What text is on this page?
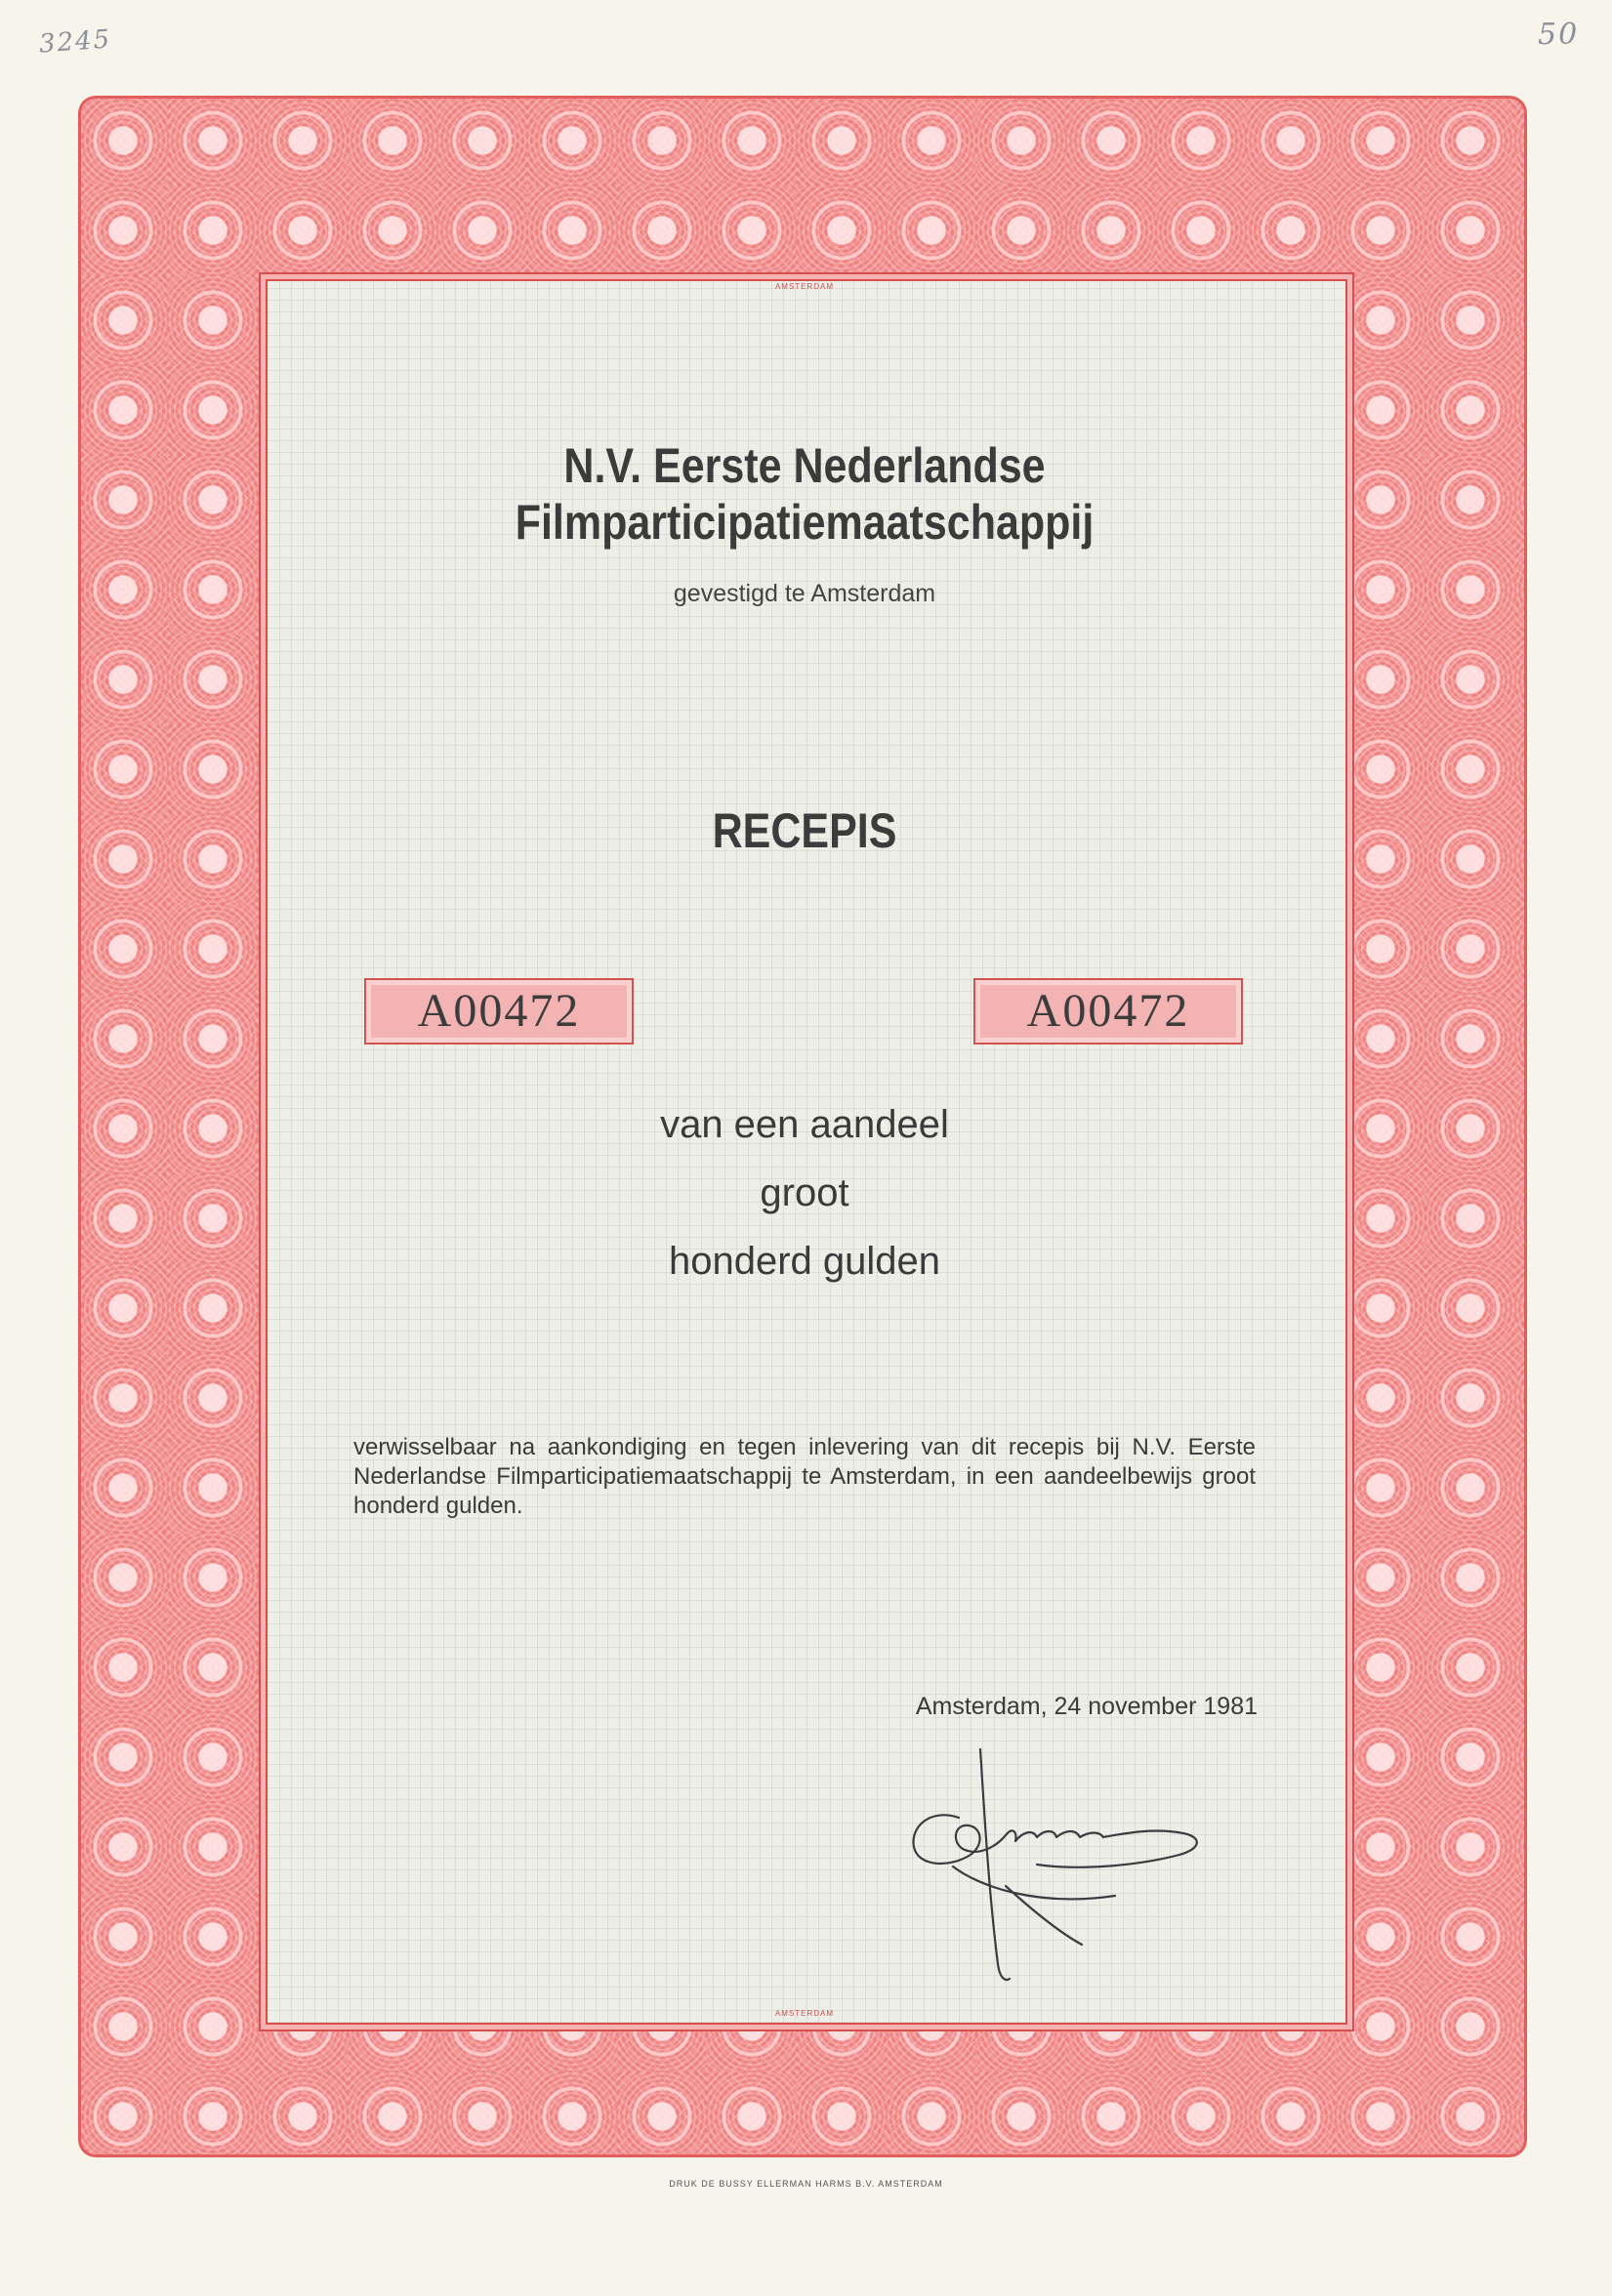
3245	50
AMSTERDAM
AMSTERDAM
N.V. Eerste Nederlandse
Filmparticipatiemaatschappij
gevestigd te Amsterdam
RECEPIS
A00472	A00472
van een aandeel
groot
honderd gulden
verwisselbaar na aankondiging en tegen inlevering van dit recepis bij N.V. Eerste Nederlandse Filmparticipatiemaatschappij te Amsterdam, in een aandeelbewijs groot honderd gulden.
Amsterdam, 24 november 1981
DRUK DE BUSSY ELLERMAN HARMS B.V. AMSTERDAM
